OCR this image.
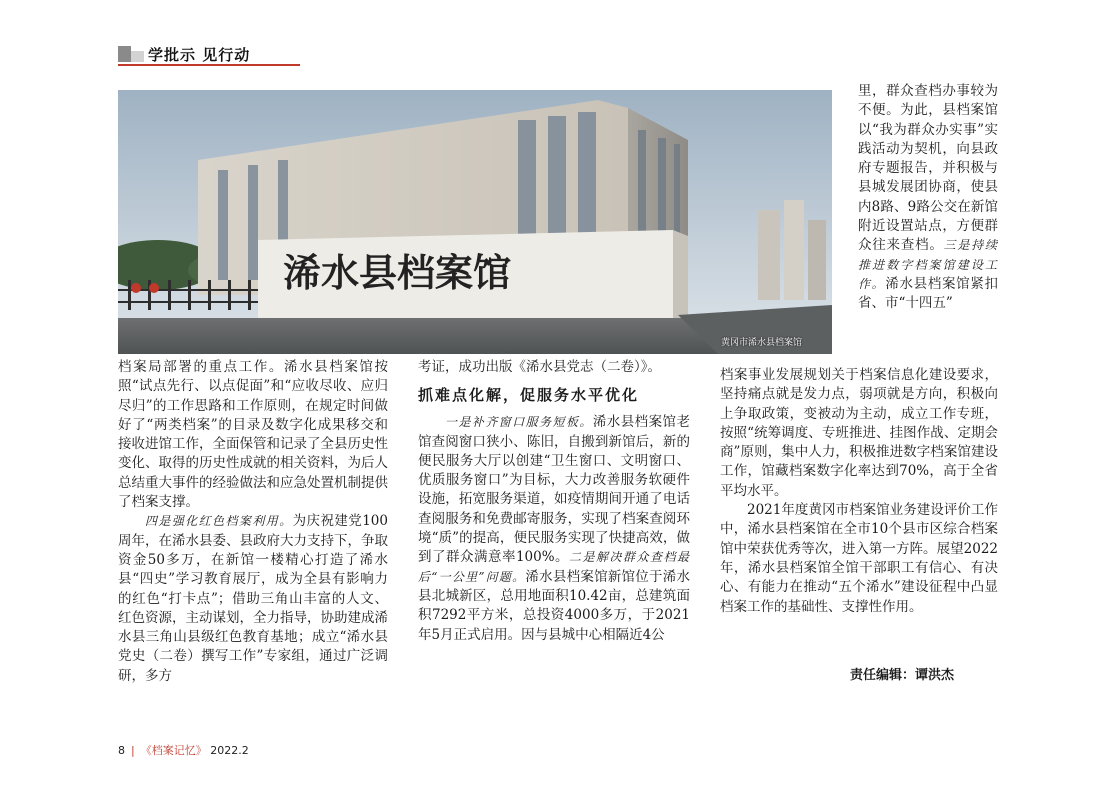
学批示 见行动
浠水县档案馆
黄冈市浠水县档案馆

里，群众查档办事较为不便。为此，县档案馆以“我为群众办实事”实践活动为契机，向县政府专题报告，并积极与县城发展团协商，使县内8路、9路公交在新馆附近设置站点，方便群众往来查档。三是持续推进数字档案馆建设工作。浠水县档案馆紧扣省、市“十四五”

档案局部署的重点工作。浠水县档案馆按照“试点先行、以点促面”和“应收尽收、应归尽归”的工作思路和工作原则，在规定时间做好了“两类档案”的目录及数字化成果移交和接收进馆工作，全面保管和记录了全县历史性变化、取得的历史性成就的相关资料，为后人总结重大事件的经验做法和应急处置机制提供了档案支撑。

四是强化红色档案利用。为庆祝建党100周年，在浠水县委、县政府大力支持下，争取资金50多万，在新馆一楼精心打造了浠水县“四史”学习教育展厅，成为全县有影响力的红色“打卡点”；借助三角山丰富的人文、红色资源，主动谋划，全力指导，协助建成浠水县三角山县级红色教育基地；成立“浠水县党史（二卷）撰写工作”专家组，通过广泛调研，多方

考证，成功出版《浠水县党志（二卷）》。

抓难点化解，促服务水平优化

一是补齐窗口服务短板。浠水县档案馆老馆查阅窗口狭小、陈旧，自搬到新馆后，新的便民服务大厅以创建“卫生窗口、文明窗口、优质服务窗口”为目标，大力改善服务软硬件设施，拓宽服务渠道，如疫情期间开通了电话查阅服务和免费邮寄服务，实现了档案查阅环境“质”的提高，便民服务实现了快捷高效，做到了群众满意率100%。二是解决群众查档最后“一公里”问题。浠水县档案馆新馆位于浠水县北城新区，总用地面积10.42亩，总建筑面积7292平方米，总投资4000多万，于2021年5月正式启用。因与县城中心相隔近4公

档案事业发展规划关于档案信息化建设要求，坚持痛点就是发力点，弱项就是方向，积极向上争取政策，变被动为主动，成立工作专班，按照“统筹调度、专班推进、挂图作战、定期会商”原则，集中人力，积极推进数字档案馆建设工作，馆藏档案数字化率达到70%，高于全省平均水平。

2021年度黄冈市档案馆业务建设评价工作中，浠水县档案馆在全市10个县市区综合档案馆中荣获优秀等次，进入第一方阵。展望2022年，浠水县档案馆全馆干部职工有信心、有决心、有能力在推动“五个浠水”建设征程中凸显档案工作的基础性、支撑性作用。

责任编辑：谭洪杰
8 | 《档案记忆》 2022.2
